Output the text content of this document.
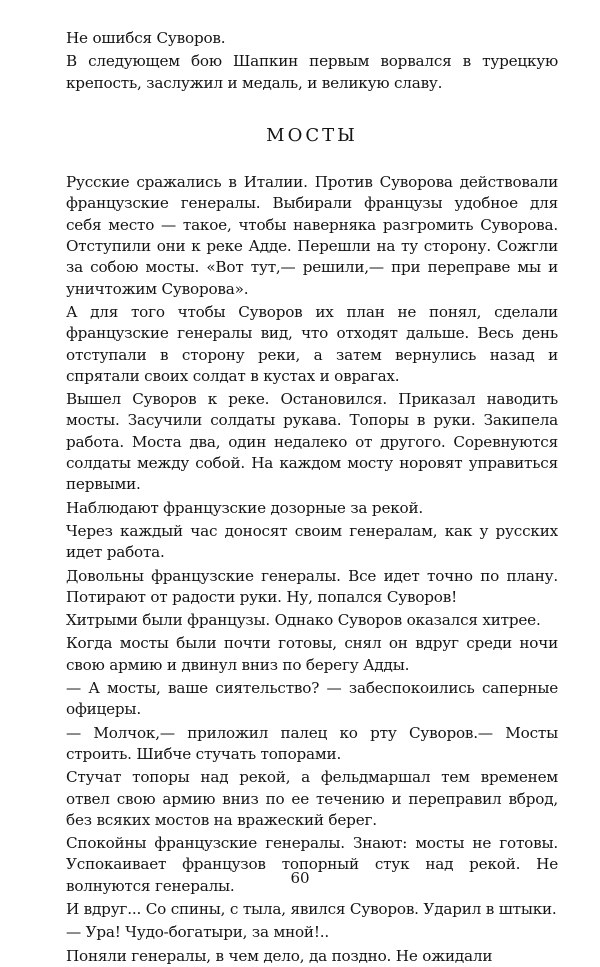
Не ошибся Суворов.

В следующем бою Шапкин первым ворвался в турецкую крепость, заслужил и медаль, и великую славу.

МОСТЫ

Русские сражались в Италии. Против Суворова действовали французские генералы. Выбирали французы удобное для себя место — такое, чтобы наверняка разгромить Суворова. Отступили они к реке Адде. Перешли на ту сторону. Сожгли за собою мосты. «Вот тут,— решили,— при переправе мы и уничтожим Суворова».

А для того чтобы Суворов их план не понял, сделали французские генералы вид, что отходят дальше. Весь день отступали в сторону реки, а затем вернулись назад и спрятали своих солдат в кустах и оврагах.

Вышел Суворов к реке. Остановился. Приказал наводить мосты. Засучили солдаты рукава. Топоры в руки. Закипела работа. Моста два, один недалеко от другого. Соревнуются солдаты между собой. На каждом мосту норовят управиться первыми.

Наблюдают французские дозорные за рекой.

Через каждый час доносят своим генералам, как у русских идет работа.

Довольны французские генералы. Все идет точно по плану. Потирают от радости руки. Ну, попался Суворов!

Хитрыми были французы. Однако Суворов оказался хитрее.

Когда мосты были почти готовы, снял он вдруг среди ночи свою армию и двинул вниз по берегу Адды.

— А мосты, ваше сиятельство? — забеспокоились саперные офицеры.

— Молчок,— приложил палец ко рту Суворов.— Мосты строить. Шибче стучать топорами.

Стучат топоры над рекой, а фельдмаршал тем временем отвел свою армию вниз по ее течению и переправил вброд, без всяких мостов на вражеский берег.

Спокойны французские генералы. Знают: мосты не готовы. Успокаивает французов топорный стук над рекой. Не волнуются генералы.

И вдруг... Со спины, с тыла, явился Суворов. Ударил в штыки.

— Ура! Чудо-богатыри, за мной!..

Поняли генералы, в чем дело, да поздно. Не ожидали

60
